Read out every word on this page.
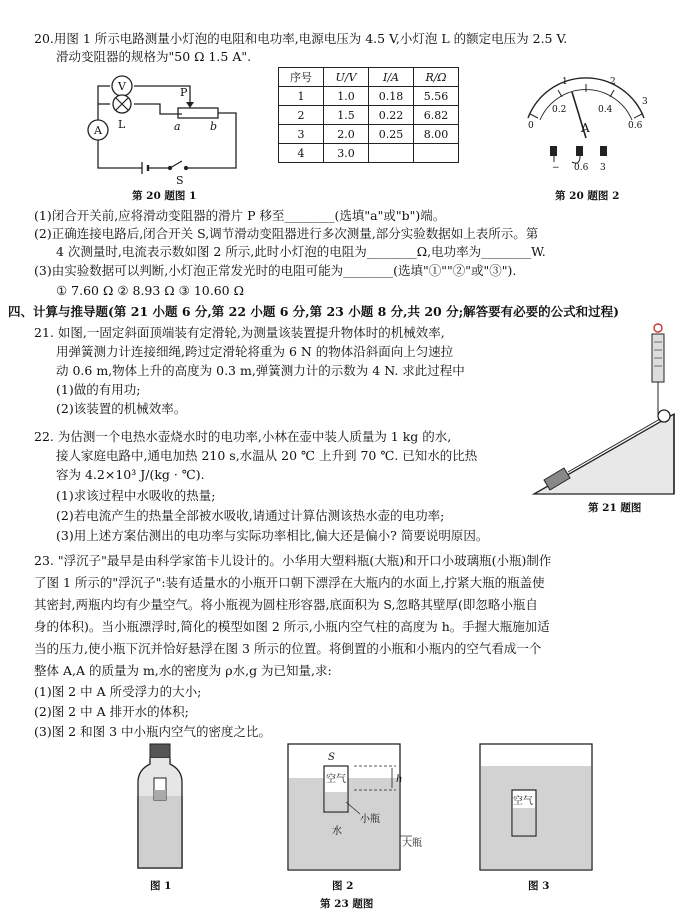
20.用图 1 所示电路测量小灯泡的电阻和电功率,电源电压为 4.5 V,小灯泡 L 的额定电压为 2.5 V.
滑动变阻器的规格为"50 Ω 1.5 A".
V
A L
P
a	b
S
第 20 题图 1
序号	U/V	I/A	R/Ω
1	1.0	0.18	5.56
2	1.5	0.22	6.82
3	2.0	0.25	8.00
4	3.0		
1	2
3
0
0.2	0.4
0.6
A
− 0.6 3
第 20 题图 2
(1)闭合开关前,应将滑动变阻器的滑片 P 移至________(选填"a"或"b")端。
(2)正确连接电路后,闭合开关 S,调节滑动变阻器进行多次测量,部分实验数据如上表所示。第
4 次测量时,电流表示数如图 2 所示,此时小灯泡的电阻为________Ω,电功率为________W.
(3)由实验数据可以判断,小灯泡正常发光时的电阻可能为________(选填"①""②"或"③").
① 7.60 Ω ② 8.93 Ω ③ 10.60 Ω
四、计算与推导题(第 21 小题 6 分,第 22 小题 6 分,第 23 小题 8 分,共 20 分;解答要有必要的公式和过程)
21. 如图,一固定斜面顶端装有定滑轮,为测量该装置提升物体时的机械效率,
用弹簧测力计连接细绳,跨过定滑轮将重为 6 N 的物体沿斜面向上匀速拉
动 0.6 m,物体上升的高度为 0.3 m,弹簧测力计的示数为 4 N. 求此过程中
(1)做的有用功;
(2)该装置的机械效率。
第 21 题图
22. 为估测一个电热水壶烧水时的电功率,小林在壶中装人质量为 1 kg 的水,
接人家庭电路中,通电加热 210 s,水温从 20 ℃ 上升到 70 ℃. 已知水的比热
容为 4.2×10³ J/(kg · ℃).
(1)求该过程中水吸收的热量;
(2)若电流产生的热量全部被水吸收,请通过计算估测该热水壶的电功率;
(3)用上述方案估测出的电功率与实际功率相比,偏大还是偏小? 简要说明原因。
23. "浮沉子"最早是由科学家笛卡儿设计的。小华用大塑料瓶(大瓶)和开口小玻璃瓶(小瓶)制作
了图 1 所示的"浮沉子":装有适量水的小瓶开口朝下漂浮在大瓶内的水面上,拧紧大瓶的瓶盖使
其密封,两瓶内均有少量空气。将小瓶视为圆柱形容器,底面积为 S,忽略其壁厚(即忽略小瓶自
身的体积)。当小瓶漂浮时,简化的模型如图 2 所示,小瓶内空气柱的高度为 h。手握大瓶施加适
当的压力,使小瓶下沉并恰好悬浮在图 3 所示的位置。将倒置的小瓶和小瓶内的空气看成一个
整体 A,A 的质量为 m,水的密度为 ρ水,g 为已知量,求:
(1)图 2 中 A 所受浮力的大小;
(2)图 2 中 A 排开水的体积;
(3)图 2 和图 3 中小瓶内空气的密度之比。
图 1
S
h
空气
小瓶
水
大瓶
图 2
空气
图 3
第 23 题图
